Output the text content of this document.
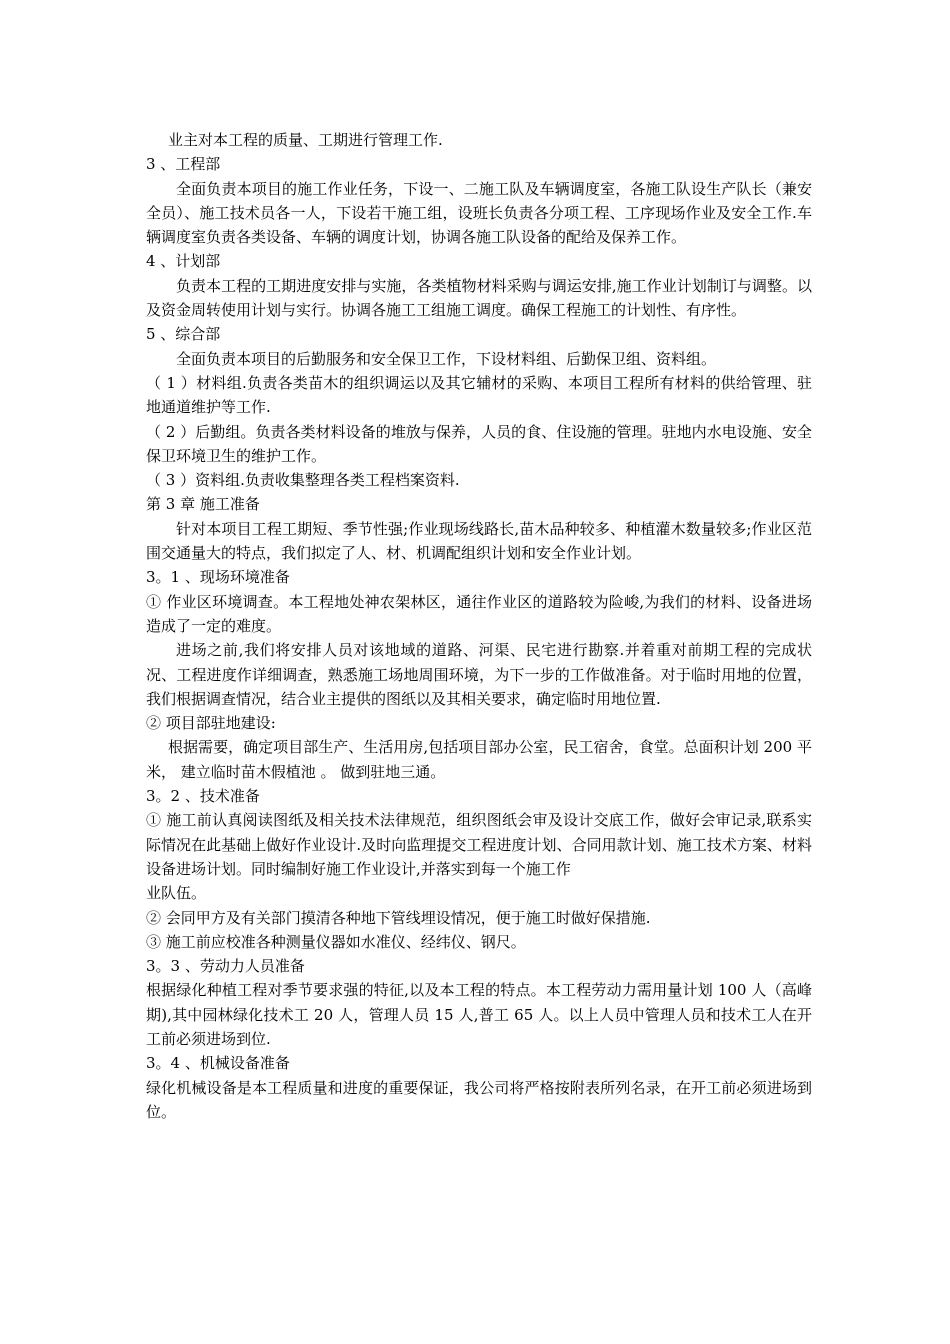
业主对本工程的质量、工期进行管理工作.

3 、工程部

全面负责本项目的施工作业任务，下设一、二施工队及车辆调度室，各施工队设生产队长（兼安全员）、施工技术员各一人，下设若干施工组，设班长负责各分项工程、工序现场作业及安全工作.车辆调度室负责各类设备、车辆的调度计划，协调各施工队设备的配给及保养工作。

4 、计划部

负责本工程的工期进度安排与实施，各类植物材料采购与调运安排,施工作业计划制订与调整。以及资金周转使用计划与实行。协调各施工工组施工调度。确保工程施工的计划性、有序性。

5 、综合部

全面负责本项目的后勤服务和安全保卫工作，下设材料组、后勤保卫组、资料组。

（ 1 ）材料组.负责各类苗木的组织调运以及其它辅材的采购、本项目工程所有材料的供给管理、驻地通道维护等工作.

（ 2 ）后勤组。负责各类材料设备的堆放与保养，人员的食、住设施的管理。驻地内水电设施、安全保卫环境卫生的维护工作。

（ 3 ）资料组.负责收集整理各类工程档案资料.

第 3 章 施工准备

针对本项目工程工期短、季节性强;作业现场线路长,苗木品种较多、种植灌木数量较多;作业区范围交通量大的特点，我们拟定了人、材、机调配组织计划和安全作业计划。

3。1 、现场环境准备

① 作业区环境调查。本工程地处神农架林区，通往作业区的道路较为险峻,为我们的材料、设备进场造成了一定的难度。

进场之前,我们将安排人员对该地域的道路、河渠、民宅进行勘察.并着重对前期工程的完成状况、工程进度作详细调查，熟悉施工场地周围环境，为下一步的工作做准备。对于临时用地的位置，我们根据调查情况，结合业主提供的图纸以及其相关要求，确定临时用地位置.

② 项目部驻地建设:

根据需要，确定项目部生产、生活用房,包括项目部办公室，民工宿舍，食堂。总面积计划 200 平米， 建立临时苗木假植池 。 做到驻地三通。

3。2 、技术准备

① 施工前认真阅读图纸及相关技术法律规范，组织图纸会审及设计交底工作，做好会审记录,联系实际情况在此基础上做好作业设计.及时向监理提交工程进度计划、合同用款计划、施工技术方案、材料设备进场计划。同时编制好施工作业设计,并落实到每一个施工作

业队伍。

② 会同甲方及有关部门摸清各种地下管线埋设情况，便于施工时做好保措施.

③ 施工前应校准各种测量仪器如水准仪、经纬仪、钢尺。

3。3 、劳动力人员准备

根据绿化种植工程对季节要求强的特征,以及本工程的特点。本工程劳动力需用量计划 100 人（高峰期),其中园林绿化技术工 20 人，管理人员 15 人,普工 65 人。以上人员中管理人员和技术工人在开工前必须进场到位.

3。4 、机械设备准备

绿化机械设备是本工程质量和进度的重要保证，我公司将严格按附表所列名录，在开工前必须进场到位。
